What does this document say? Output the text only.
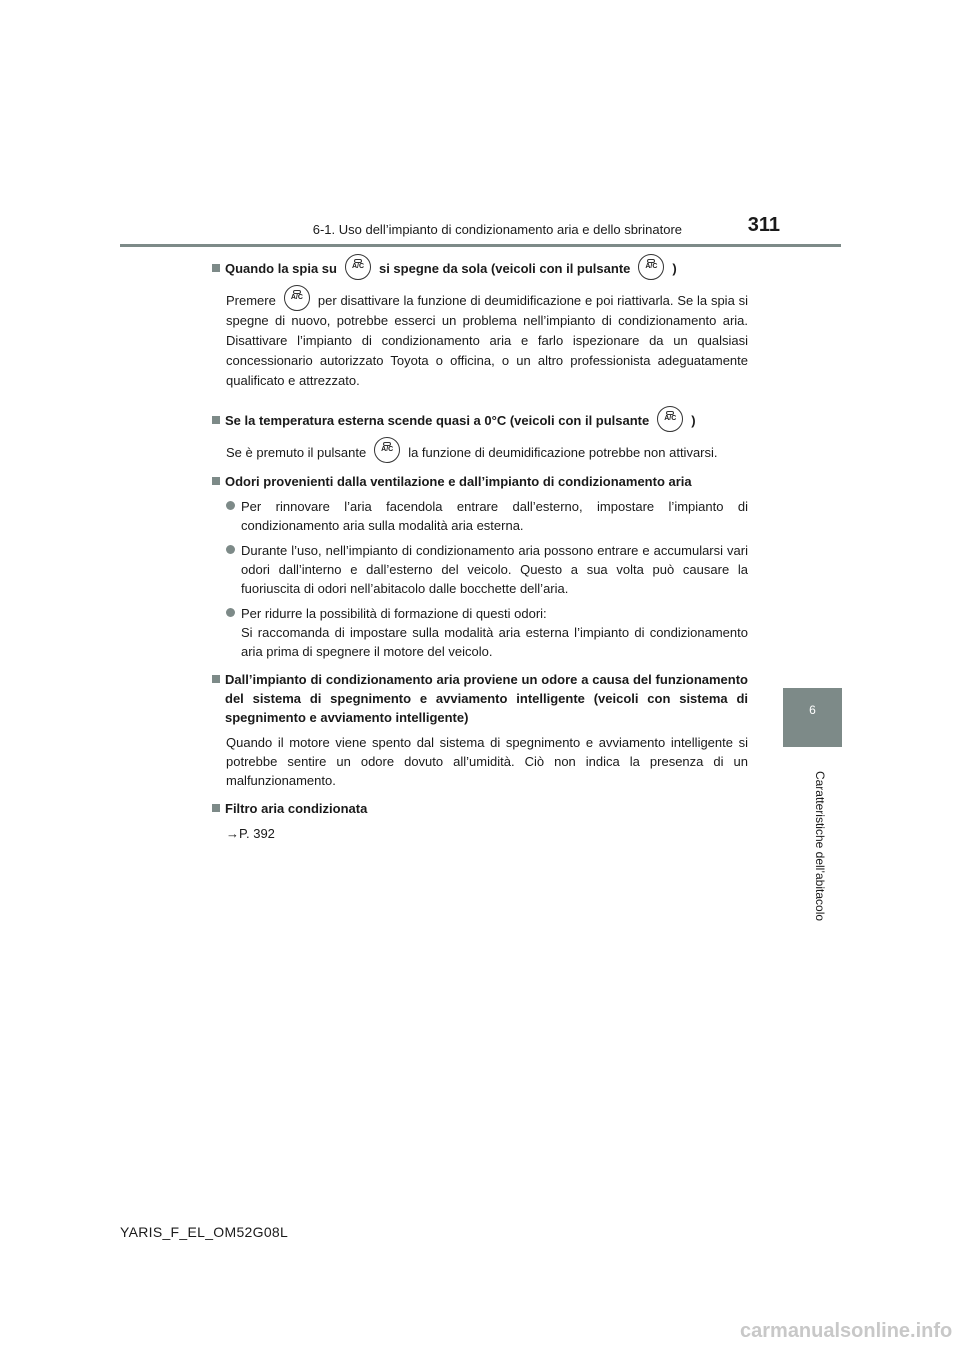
6-1. Uso dell’impianto di condizionamento aria e dello sbrinatore	311
6
Caratteristiche dell’abitacolo
Quando la spia su A/C si spegne da sola (veicoli con il pulsante A/C )
Premere A/C per disattivare la funzione di deumidificazione e poi riattivarla. Se la spia si spegne di nuovo, potrebbe esserci un problema nell’impianto di condizionamento aria. Disattivare l’impianto di condizionamento aria e farlo ispezionare da un qualsiasi concessionario autorizzato Toyota o officina, o un altro professionista adeguatamente qualificato e attrezzato.
Se la temperatura esterna scende quasi a 0°C (veicoli con il pulsante A/C )
Se è premuto il pulsante A/C la funzione di deumidificazione potrebbe non attivarsi.
Odori provenienti dalla ventilazione e dall’impianto di condizionamento aria
Per rinnovare l’aria facendola entrare dall’esterno, impostare l’impianto di condizionamento aria sulla modalità aria esterna.
Durante l’uso, nell’impianto di condizionamento aria possono entrare e accumularsi vari odori dall’interno e dall’esterno del veicolo. Questo a sua volta può causare la fuoriuscita di odori nell’abitacolo dalle bocchette dell’aria.
Per ridurre la possibilità di formazione di questi odori:
Si raccomanda di impostare sulla modalità aria esterna l’impianto di condizionamento aria prima di spegnere il motore del veicolo.
Dall’impianto di condizionamento aria proviene un odore a causa del funzionamento del sistema di spegnimento e avviamento intelligente (veicoli con sistema di spegnimento e avviamento intelligente)
Quando il motore viene spento dal sistema di spegnimento e avviamento intelligente si potrebbe sentire un odore dovuto all’umidità. Ciò non indica la presenza di un malfunzionamento.
Filtro aria condizionata
→P. 392
YARIS_F_EL_OM52G08L
carmanualsonline.info
